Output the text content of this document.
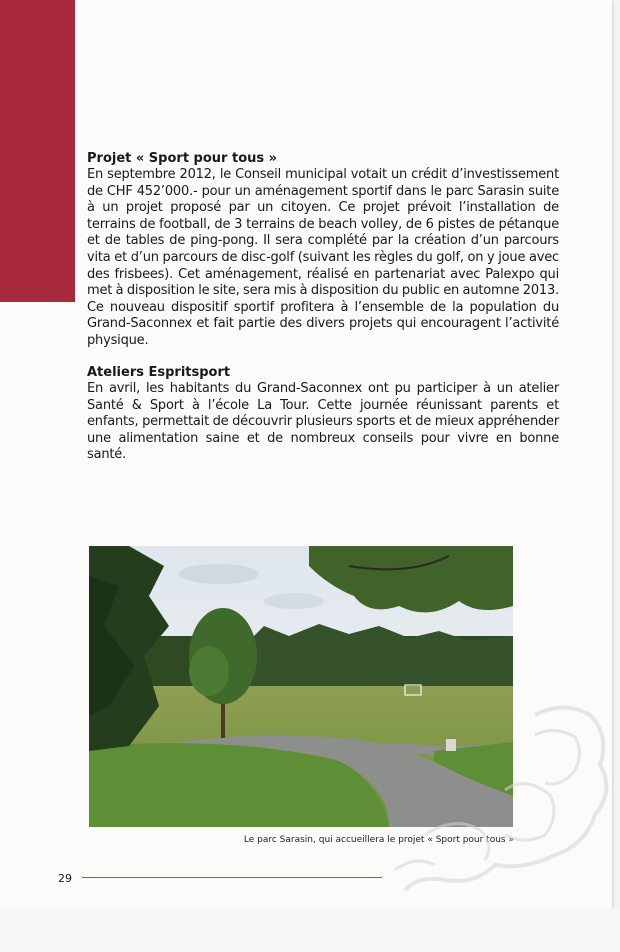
Projet « Sport pour tous »

En septembre 2012, le Conseil municipal votait un crédit d’investissement de CHF 452’000.- pour un aménagement sportif dans le parc Sarasin suite à un projet proposé par un citoyen. Ce projet prévoit l’installation de terrains de football, de 3 terrains de beach volley, de 6 pistes de pétanque et de tables de ping-pong. Il sera complété par la création d’un parcours vita et d’un parcours de disc-golf (suivant les règles du golf, on y joue avec des frisbees). Cet aménagement, réalisé en partenariat avec Palexpo qui met à disposition le site, sera mis à disposition du public en automne 2013. Ce nouveau dispositif sportif profitera à l’ensemble de la population du Grand-Saconnex et fait partie des divers projets qui encouragent l’activité physique.

Ateliers Espritsport

En avril, les habitants du Grand-Saconnex ont pu participer à un atelier Santé & Sport à l’école La Tour. Cette journée réunissant parents et enfants, permettait de découvrir plusieurs sports et de mieux appréhender une alimentation saine et de nombreux conseils pour vivre en bonne santé.

Le parc Sarasin, qui accueillera le projet « Sport pour tous »
29
